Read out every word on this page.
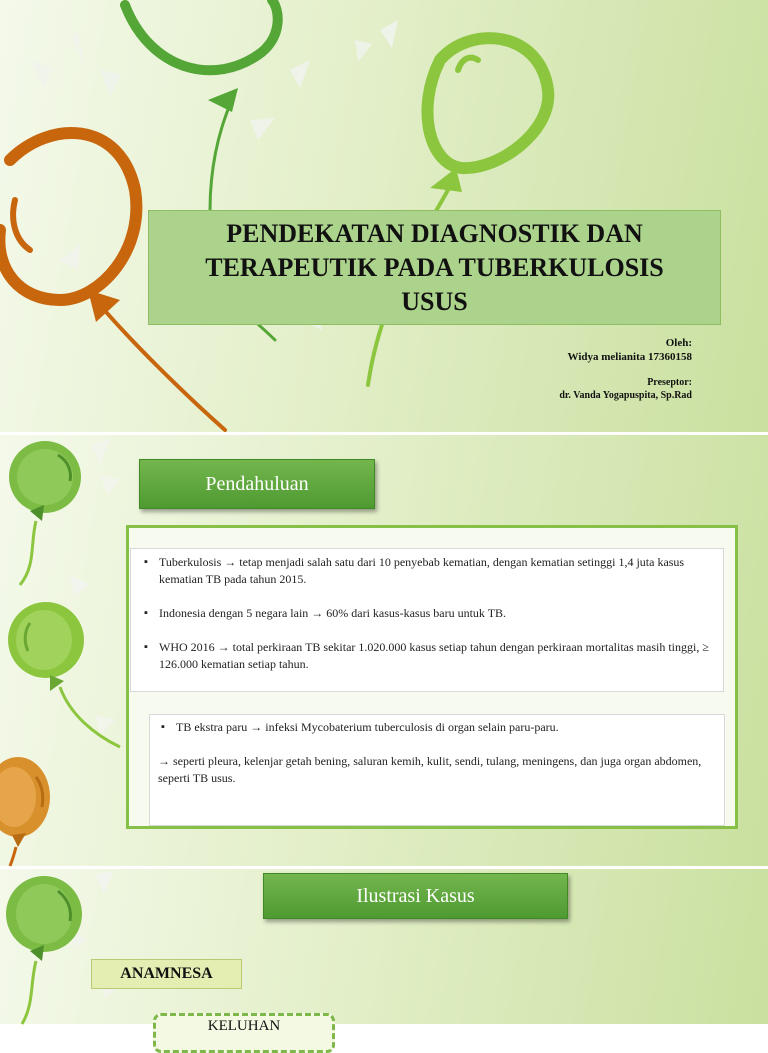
PENDEKATAN DIAGNOSTIK DAN TERAPEUTIK PADA TUBERKULOSIS USUS
Oleh:
Widya melianita 17360158
Preseptor:
dr. Vanda Yogapuspita, Sp.Rad
Pendahuluan
▪ Tuberkulosis → tetap menjadi salah satu dari 10 penyebab kematian, dengan kematian setinggi 1,4 juta kasus kematian TB pada tahun 2015.
▪ Indonesia dengan 5 negara lain → 60% dari kasus-kasus baru untuk TB.
▪ WHO 2016 → total perkiraan TB sekitar 1.020.000 kasus setiap tahun dengan perkiraan mortalitas masih tinggi, ≥ 126.000 kematian setiap tahun.
▪ TB ekstra paru → infeksi Mycobaterium tuberculosis di organ selain paru-paru.

→ seperti pleura, kelenjar getah bening, saluran kemih, kulit, sendi, tulang, meningens, dan juga organ abdomen, seperti TB usus.

Ilustrasi Kasus
ANAMNESA
KELUHAN
